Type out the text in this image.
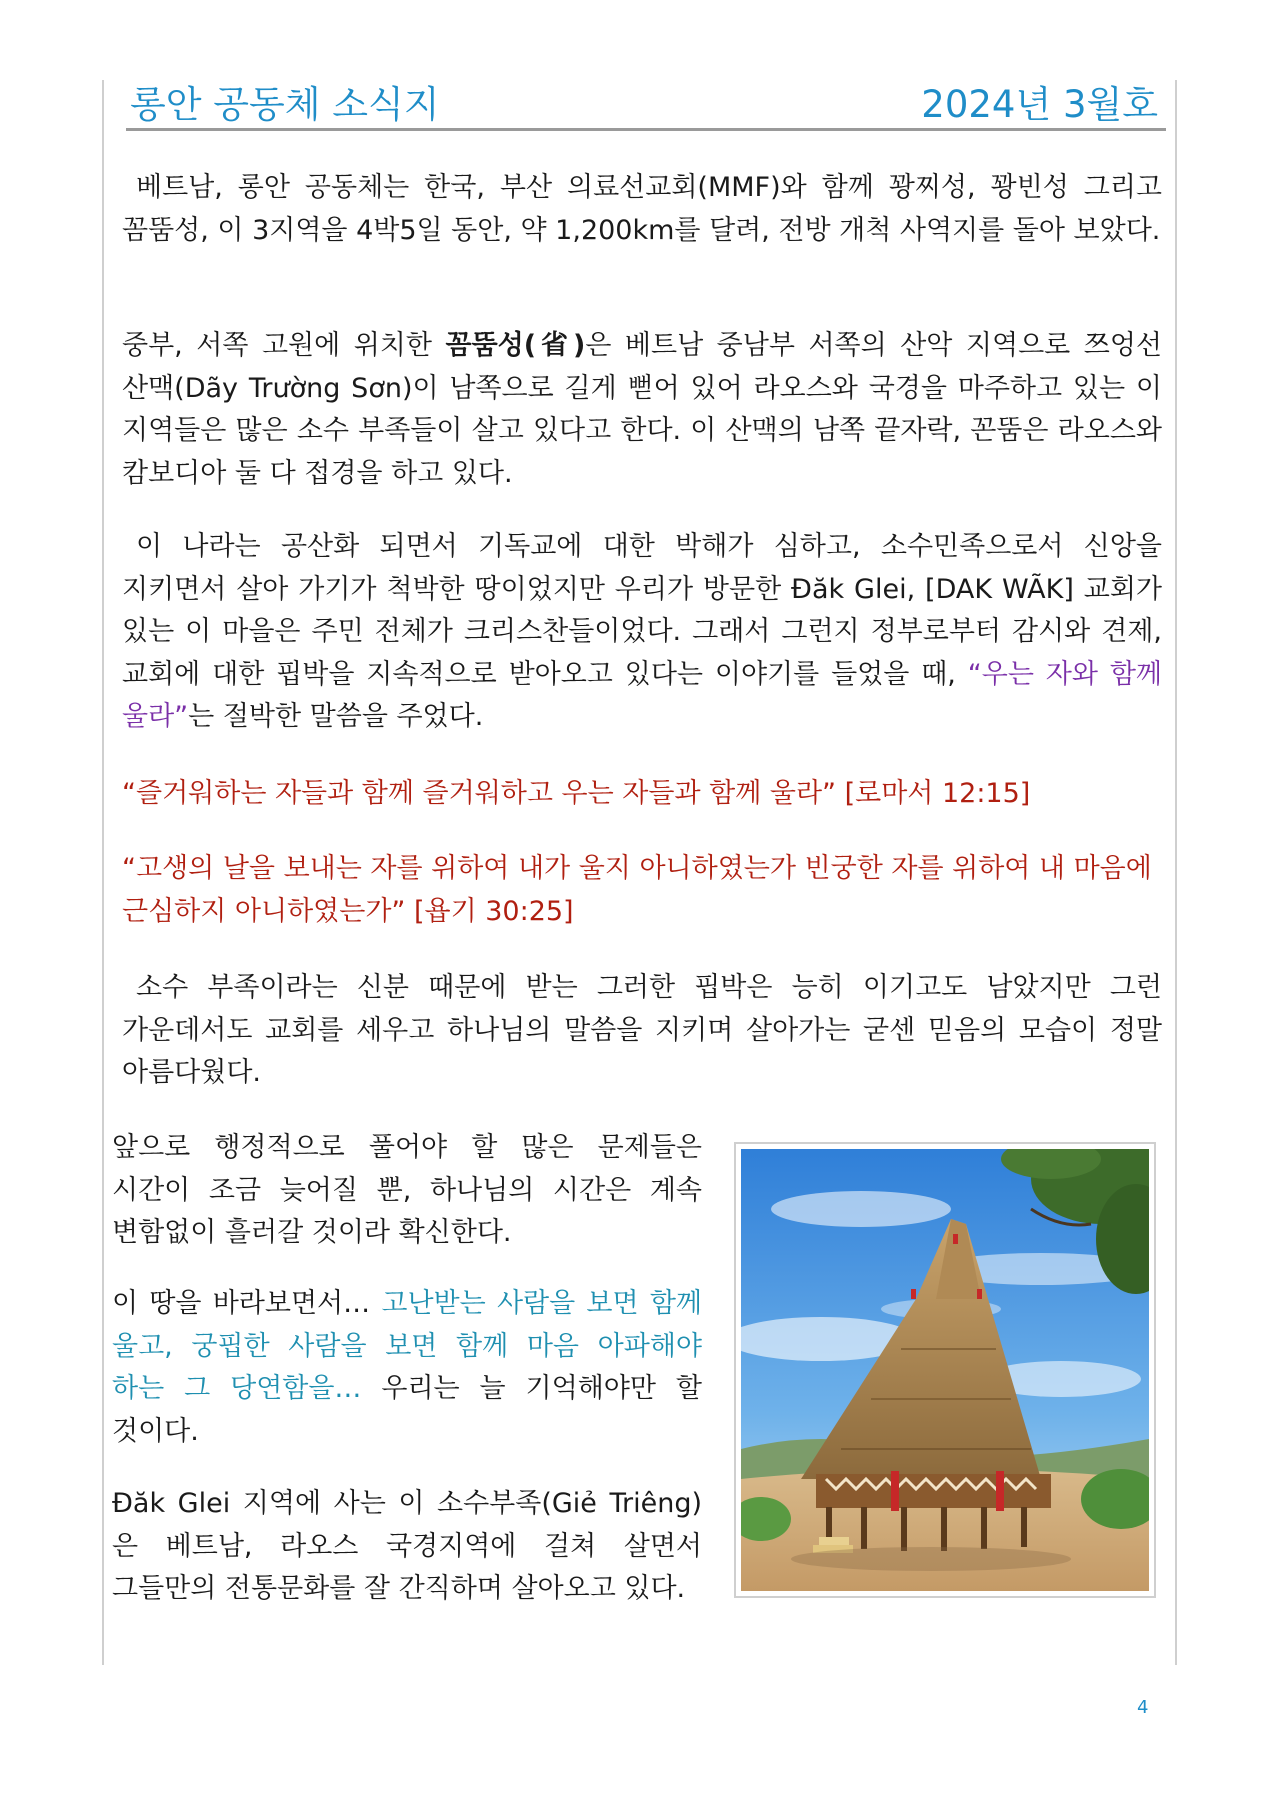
롱안 공동체 소식지	2024년 3월호

베트남, 롱안 공동체는 한국, 부산 의료선교회(MMF)와 함께 꽝찌성, 꽝빈성 그리고 꼼뚬성, 이 3지역을 4박5일 동안, 약 1,200km를 달려, 전방 개척 사역지를 돌아 보았다.

중부, 서쪽 고원에 위치한 꼼뚬성(省)은 베트남 중남부 서쪽의 산악 지역으로 쯔엉선 산맥(Dãy Trường Sơn)이 남쪽으로 길게 뻗어 있어 라오스와 국경을 마주하고 있는 이 지역들은 많은 소수 부족들이 살고 있다고 한다. 이 산맥의 남쪽 끝자락, 꼰뚬은 라오스와 캄보디아 둘 다 접경을 하고 있다.

이 나라는 공산화 되면서 기독교에 대한 박해가 심하고, 소수민족으로서 신앙을 지키면서 살아 가기가 척박한 땅이었지만 우리가 방문한 Đăk Glei, [DAK WÃK] 교회가 있는 이 마을은 주민 전체가 크리스찬들이었다. 그래서 그런지 정부로부터 감시와 견제, 교회에 대한 핍박을 지속적으로 받아오고 있다는 이야기를 들었을 때, “우는 자와 함께 울라”는 절박한 말씀을 주었다.

“즐거워하는 자들과 함께 즐거워하고 우는 자들과 함께 울라” [로마서 12:15]

“고생의 날을 보내는 자를 위하여 내가 울지 아니하였는가 빈궁한 자를 위하여 내 마음에 근심하지 아니하였는가” [욥기 30:25]

소수 부족이라는 신분 때문에 받는 그러한 핍박은 능히 이기고도 남았지만 그런 가운데서도 교회를 세우고 하나님의 말씀을 지키며 살아가는 굳센 믿음의 모습이 정말 아름다웠다.

앞으로 행정적으로 풀어야 할 많은 문제들은 시간이 조금 늦어질 뿐, 하나님의 시간은 계속 변함없이 흘러갈 것이라 확신한다.

이 땅을 바라보면서… 고난받는 사람을 보면 함께 울고, 궁핍한 사람을 보면 함께 마음 아파해야 하는 그 당연함을… 우리는 늘 기억해야만 할 것이다.

Đăk Glei 지역에 사는 이 소수부족(Giẻ Triêng)은 베트남, 라오스 국경지역에 걸쳐 살면서 그들만의 전통문화를 잘 간직하며 살아오고 있다.

4
